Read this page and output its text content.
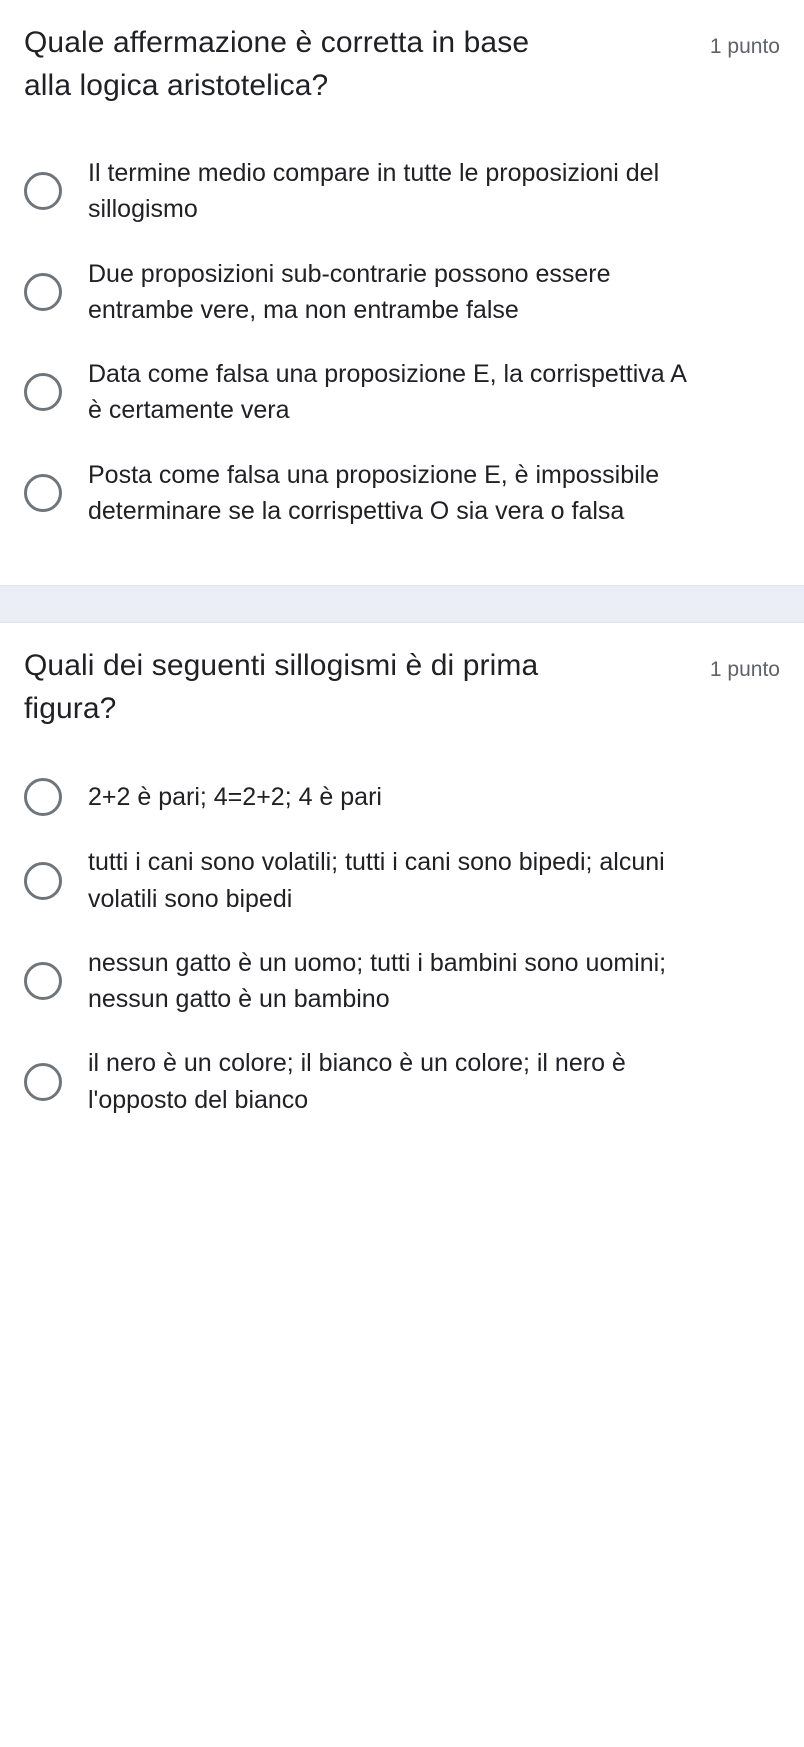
Quale affermazione è corretta in base alla logica aristotelica?
1 punto
Il termine medio compare in tutte le proposizioni del sillogismo
Due proposizioni sub-contrarie possono essere entrambe vere, ma non entrambe false
Data come falsa una proposizione E, la corrispettiva A è certamente vera
Posta come falsa una proposizione E, è impossibile determinare se la corrispettiva O sia vera o falsa
Quali dei seguenti sillogismi è di prima figura?
1 punto
2+2 è pari; 4=2+2; 4 è pari
tutti i cani sono volatili; tutti i cani sono bipedi; alcuni volatili sono bipedi
nessun gatto è un uomo; tutti i bambini sono uomini; nessun gatto è un bambino
il nero è un colore; il bianco è un colore; il nero è l'opposto del bianco
